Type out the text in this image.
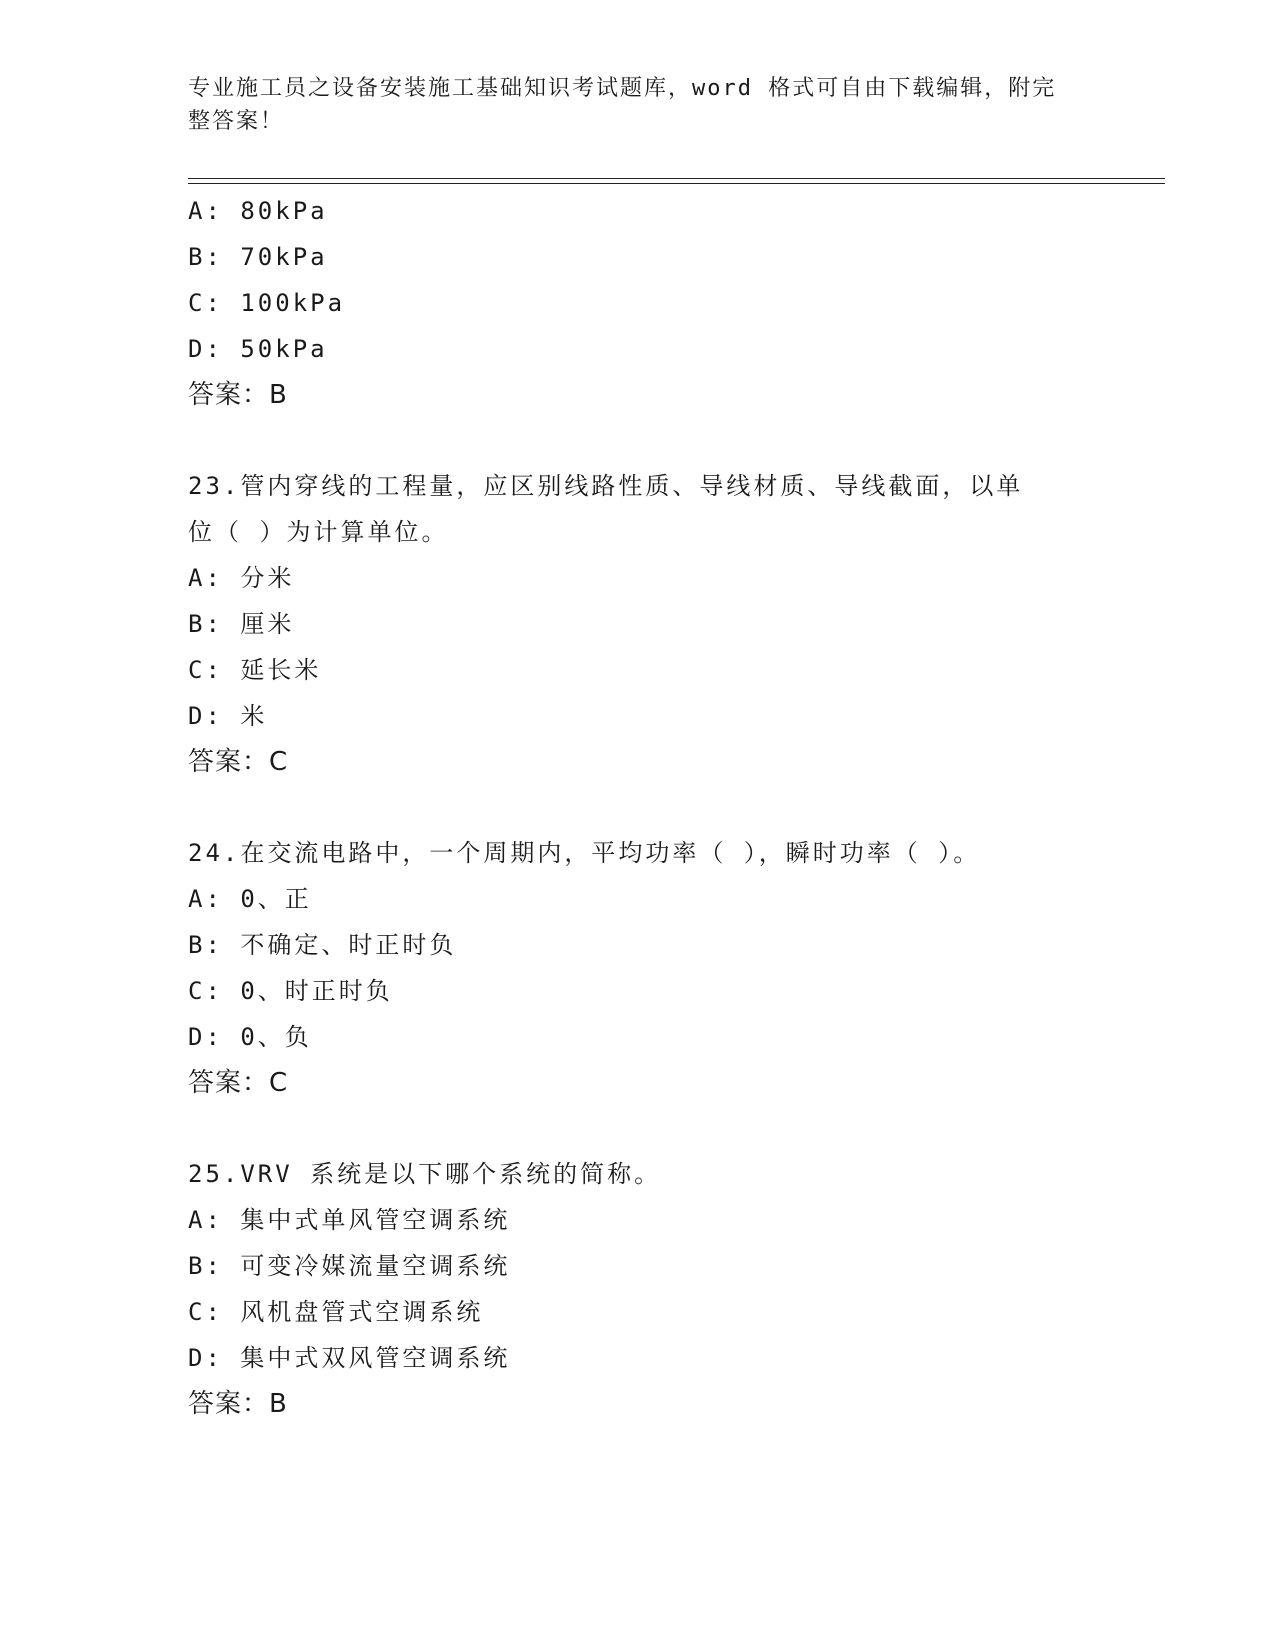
专业施工员之设备安装施工基础知识考试题库，word 格式可自由下载编辑，附完
整答案！
A: 80kPa
B: 70kPa
C: 100kPa
D: 50kPa
答案：B
23.管内穿线的工程量，应区别线路性质、导线材质、导线截面，以单
位（ ）为计算单位。
A: 分米
B: 厘米
C: 延长米
D: 米
答案：C
24.在交流电路中，一个周期内，平均功率（ ），瞬时功率（ ）。
A: 0、正
B: 不确定、时正时负
C: 0、时正时负
D: 0、负
答案：C
25.VRV 系统是以下哪个系统的简称。
A: 集中式单风管空调系统
B: 可变冷媒流量空调系统
C: 风机盘管式空调系统
D: 集中式双风管空调系统
答案：B
